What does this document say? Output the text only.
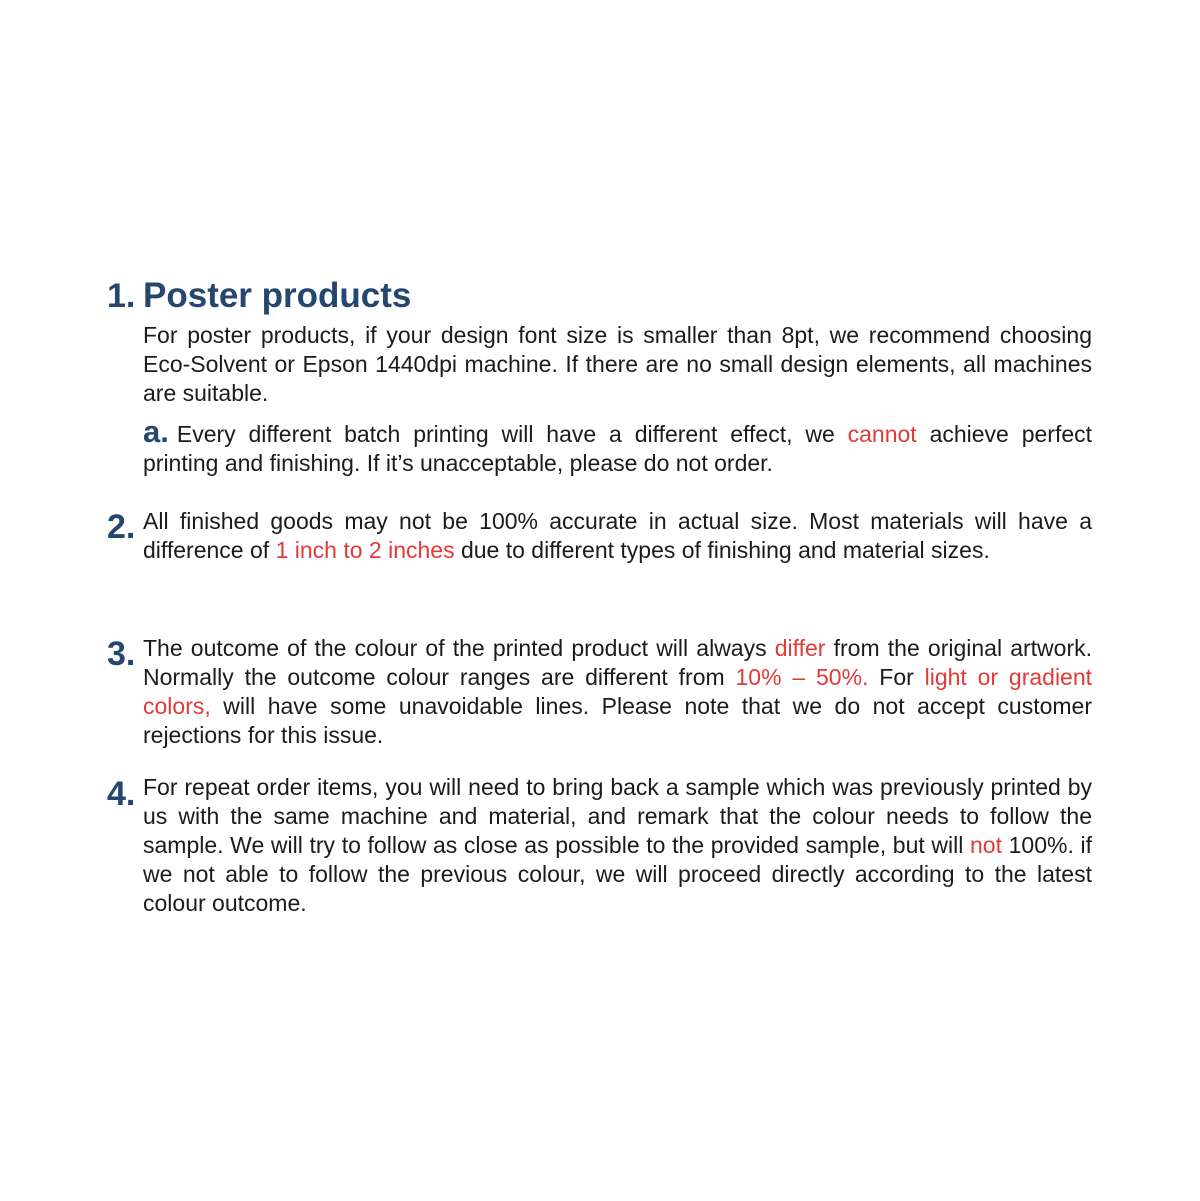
1. Poster products

For poster products, if your design font size is smaller than 8pt, we recommend choosing Eco-Solvent or Epson 1440dpi machine. If there are no small design elements, all machines are suitable.

a. Every different batch printing will have a different effect, we cannot achieve perfect printing and finishing. If it’s unacceptable, please do not order.

2. All finished goods may not be 100% accurate in actual size. Most materials will have a difference of 1 inch to 2 inches due to different types of finishing and material sizes.

3. The outcome of the colour of the printed product will always differ from the original artwork. Normally the outcome colour ranges are different from 10% – 50%. For light or gradient colors, will have some unavoidable lines. Please note that we do not accept customer rejections for this issue.

4. For repeat order items, you will need to bring back a sample which was previously printed by us with the same machine and material, and remark that the colour needs to follow the sample. We will try to follow as close as possible to the provided sample, but will not 100%. if we not able to follow the previous colour, we will proceed directly according to the latest colour outcome.
